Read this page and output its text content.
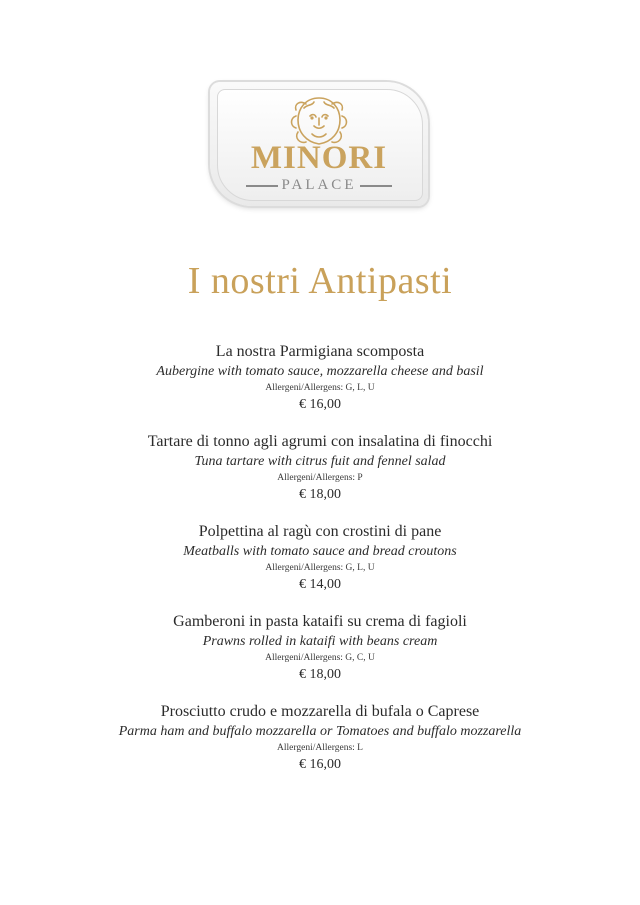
MINORI
PALACE
I nostri Antipasti
La nostra Parmigiana scomposta
Aubergine with tomato sauce, mozzarella cheese and basil
Allergeni/Allergens: G, L, U
€ 16,00
Tartare di tonno agli agrumi con insalatina di finocchi
Tuna tartare with citrus fuit and fennel salad
Allergeni/Allergens: P
€ 18,00
Polpettina al ragù con crostini di pane
Meatballs with tomato sauce and bread croutons
Allergeni/Allergens: G, L, U
€ 14,00
Gamberoni in pasta kataifi su crema di fagioli
Prawns rolled in kataifi with beans cream
Allergeni/Allergens: G, C, U
€ 18,00
Prosciutto crudo e mozzarella di bufala o Caprese
Parma ham and buffalo mozzarella or Tomatoes and buffalo mozzarella
Allergeni/Allergens: L
€ 16,00
